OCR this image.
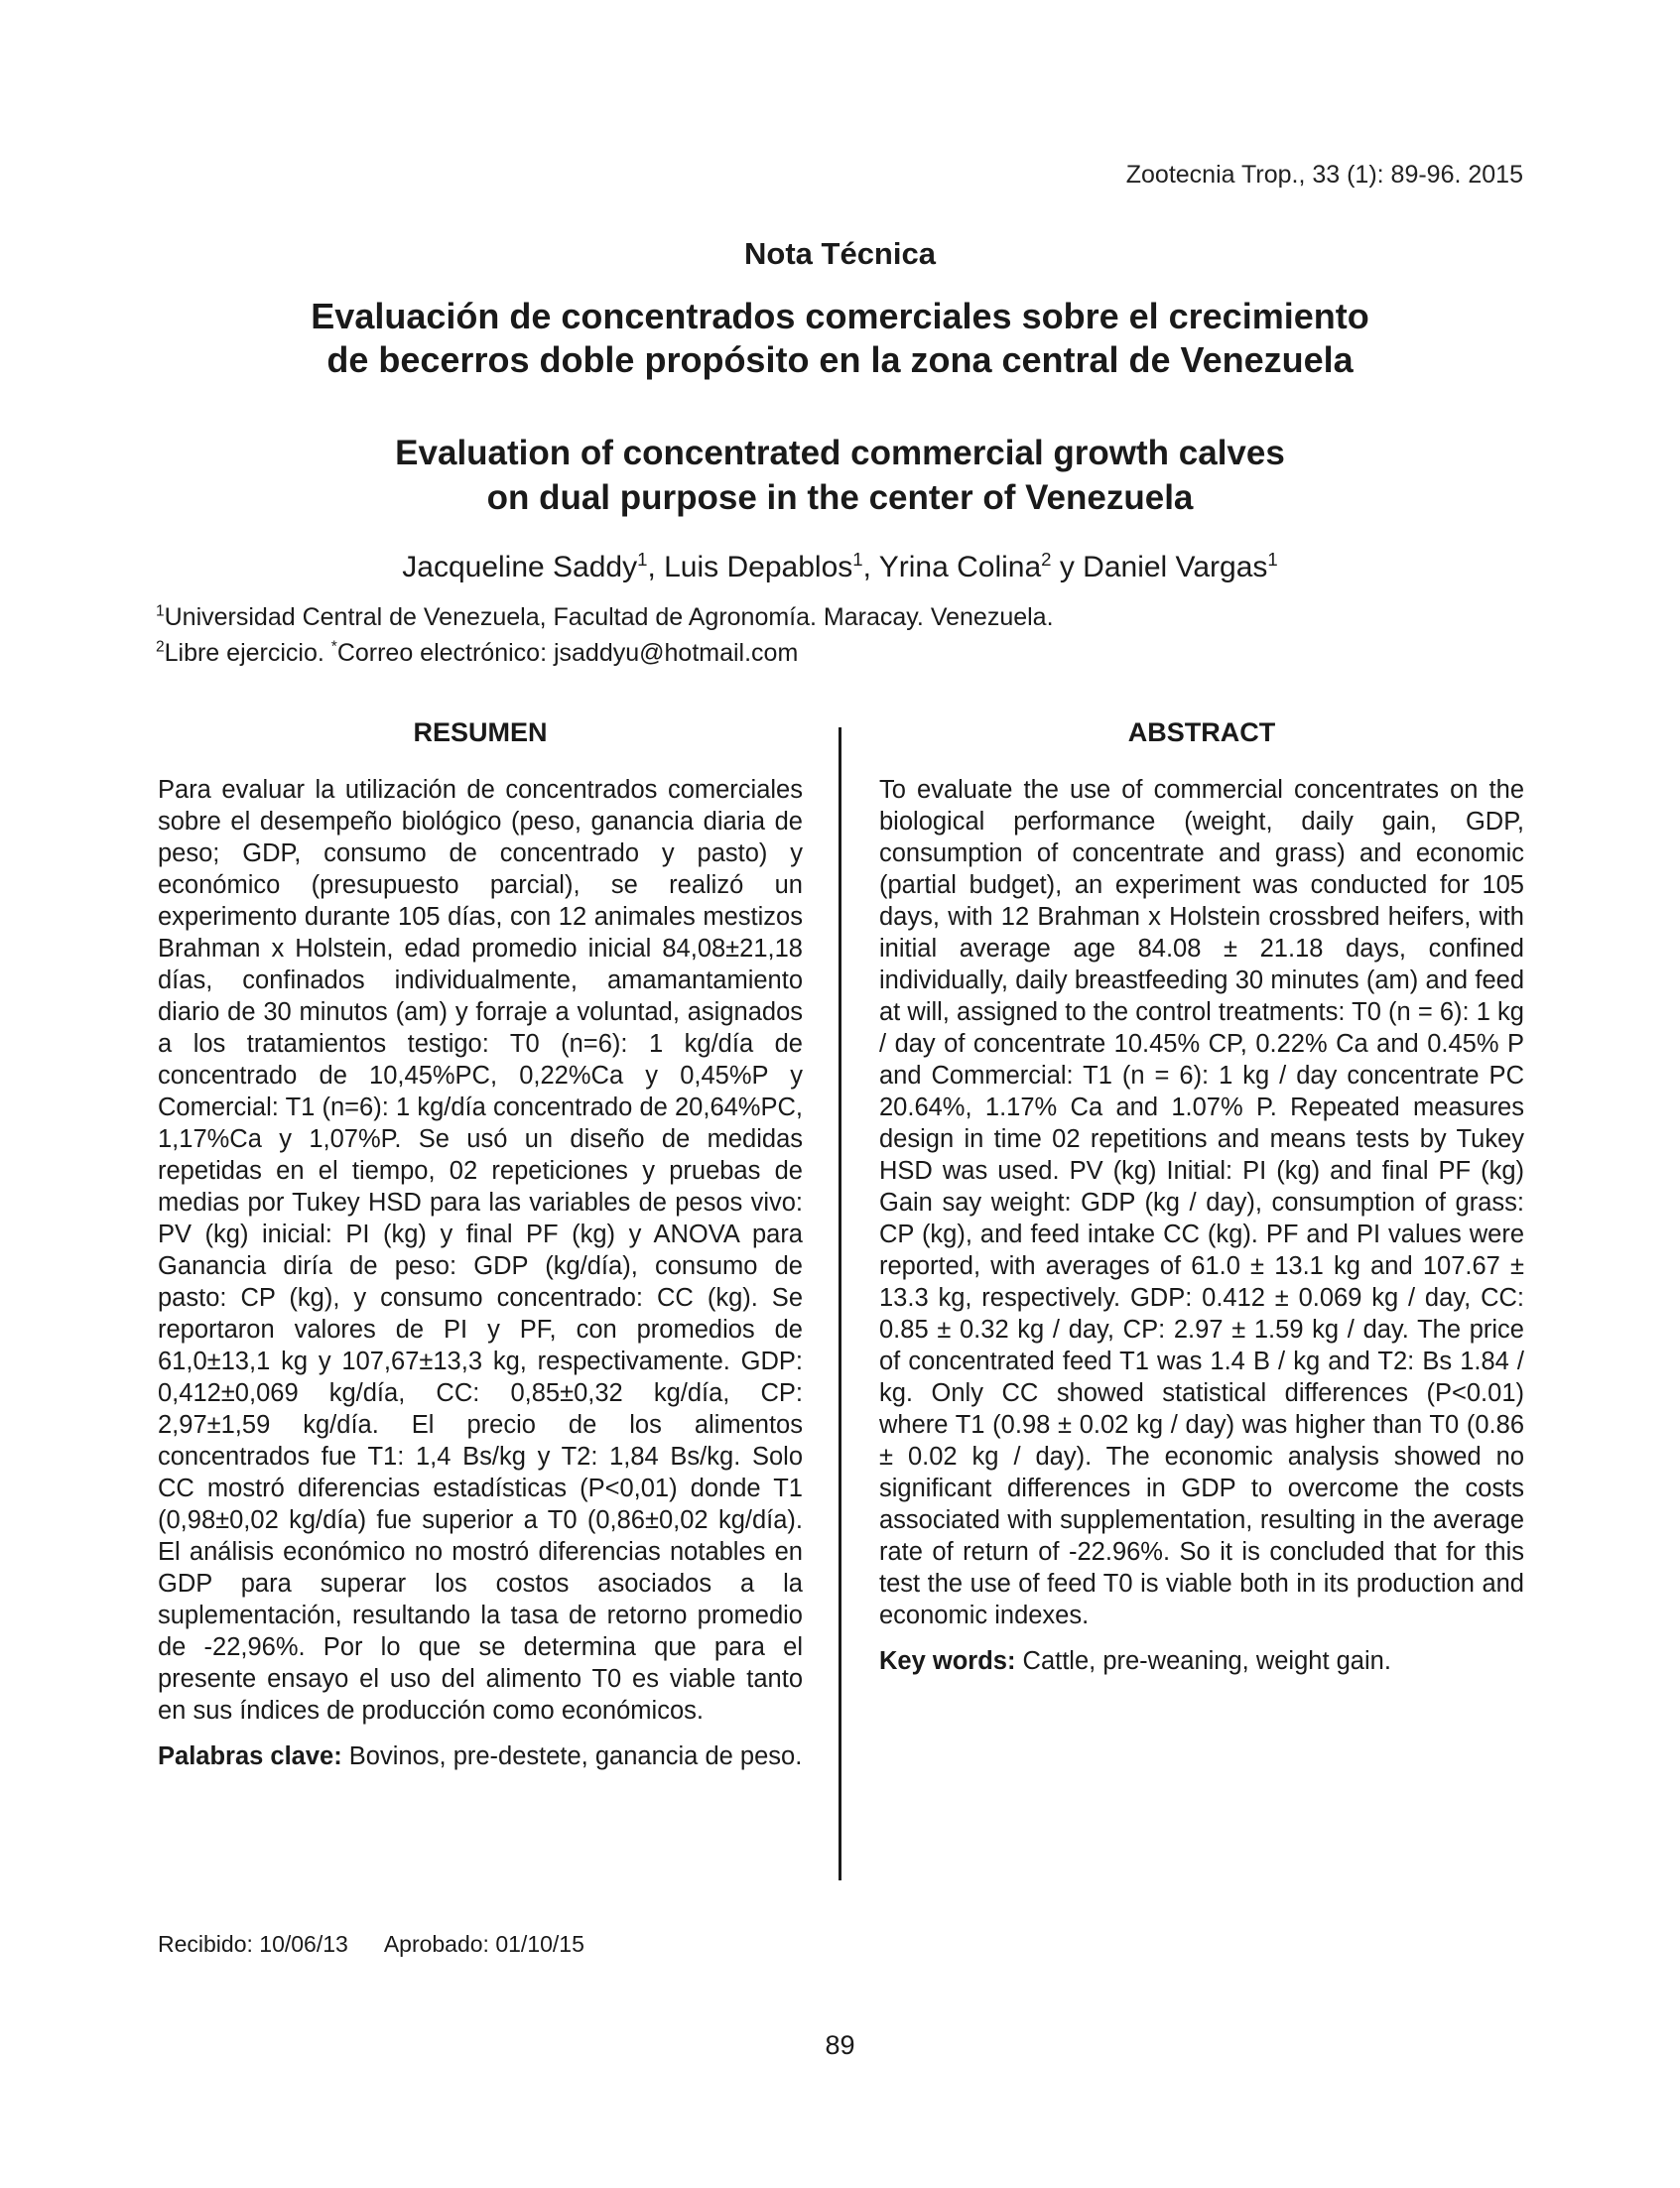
Zootecnia Trop., 33 (1): 89-96. 2015
Nota Técnica
Evaluación de concentrados comerciales sobre el crecimiento
de becerros doble propósito en la zona central de Venezuela
Evaluation of concentrated commercial growth calves
on dual purpose in the center of Venezuela
Jacqueline Saddy$^1$, Luis Depablos$^1$, Yrina Colina$^2$ y Daniel Vargas$^1$
$^1$Universidad Central de Venezuela, Facultad de Agronomía. Maracay. Venezuela.
$^2$Libre ejercicio. *Correo electrónico: jsaddyu@hotmail.com
RESUMEN

Para evaluar la utilización de concentrados comerciales sobre el desempeño biológico (peso, ganancia diaria de peso; GDP, consumo de concentrado y pasto) y económico (presupuesto parcial), se realizó un experimento durante 105 días, con 12 animales mestizos Brahman x Holstein, edad promedio inicial 84,08±21,18 días, confinados individualmente, amamantamiento diario de 30 minutos (am) y forraje a voluntad, asignados a los tratamientos testigo: T0 (n=6): 1 kg/día de concentrado de 10,45%PC, 0,22%Ca y 0,45%P y Comercial: T1 (n=6): 1 kg/día concentrado de 20,64%PC, 1,17%Ca y 1,07%P. Se usó un diseño de medidas repetidas en el tiempo, 02 repeticiones y pruebas de medias por Tukey HSD para las variables de pesos vivo: PV (kg) inicial: PI (kg) y final PF (kg) y ANOVA para Ganancia diría de peso: GDP (kg/día), consumo de pasto: CP (kg), y consumo concentrado: CC (kg). Se reportaron valores de PI y PF, con promedios de 61,0±13,1 kg y 107,67±13,3 kg, respectivamente. GDP: 0,412±0,069 kg/día, CC: 0,85±0,32 kg/día, CP: 2,97±1,59 kg/día. El precio de los alimentos concentrados fue T1: 1,4 Bs/kg y T2: 1,84 Bs/kg. Solo CC mostró diferencias estadísticas (P<0,01) donde T1 (0,98±0,02 kg/día) fue superior a T0 (0,86±0,02 kg/día). El análisis económico no mostró diferencias notables en GDP para superar los costos asociados a la suplementación, resultando la tasa de retorno promedio de -22,96%. Por lo que se determina que para el presente ensayo el uso del alimento T0 es viable tanto en sus índices de producción como económicos.

Palabras clave: Bovinos, pre-destete, ganancia de peso.
ABSTRACT

To evaluate the use of commercial concentrates on the biological performance (weight, daily gain, GDP, consumption of concentrate and grass) and economic (partial budget), an experiment was conducted for 105 days, with 12 Brahman x Holstein crossbred heifers, with initial average age 84.08 ± 21.18 days, confined individually, daily breastfeeding 30 minutes (am) and feed at will, assigned to the control treatments: T0 (n = 6): 1 kg / day of concentrate 10.45% CP, 0.22% Ca and 0.45% P and Commercial: T1 (n = 6): 1 kg / day concentrate PC 20.64%, 1.17% Ca and 1.07% P. Repeated measures design in time 02 repetitions and means tests by Tukey HSD was used. PV (kg) Initial: PI (kg) and final PF (kg) Gain say weight: GDP (kg / day), consumption of grass: CP (kg), and feed intake CC (kg). PF and PI values were reported, with averages of 61.0 ± 13.1 kg and 107.67 ± 13.3 kg, respectively. GDP: 0.412 ± 0.069 kg / day, CC: 0.85 ± 0.32 kg / day, CP: 2.97 ± 1.59 kg / day. The price of concentrated feed T1 was 1.4 B / kg and T2: Bs 1.84 / kg. Only CC showed statistical differences (P<0.01) where T1 (0.98 ± 0.02 kg / day) was higher than T0 (0.86 ± 0.02 kg / day). The economic analysis showed no significant differences in GDP to overcome the costs associated with supplementation, resulting in the average rate of return of -22.96%. So it is concluded that for this test the use of feed T0 is viable both in its production and economic indexes.

Key words: Cattle, pre-weaning, weight gain.
Recibido: 10/06/13 Aprobado: 01/10/15
89
